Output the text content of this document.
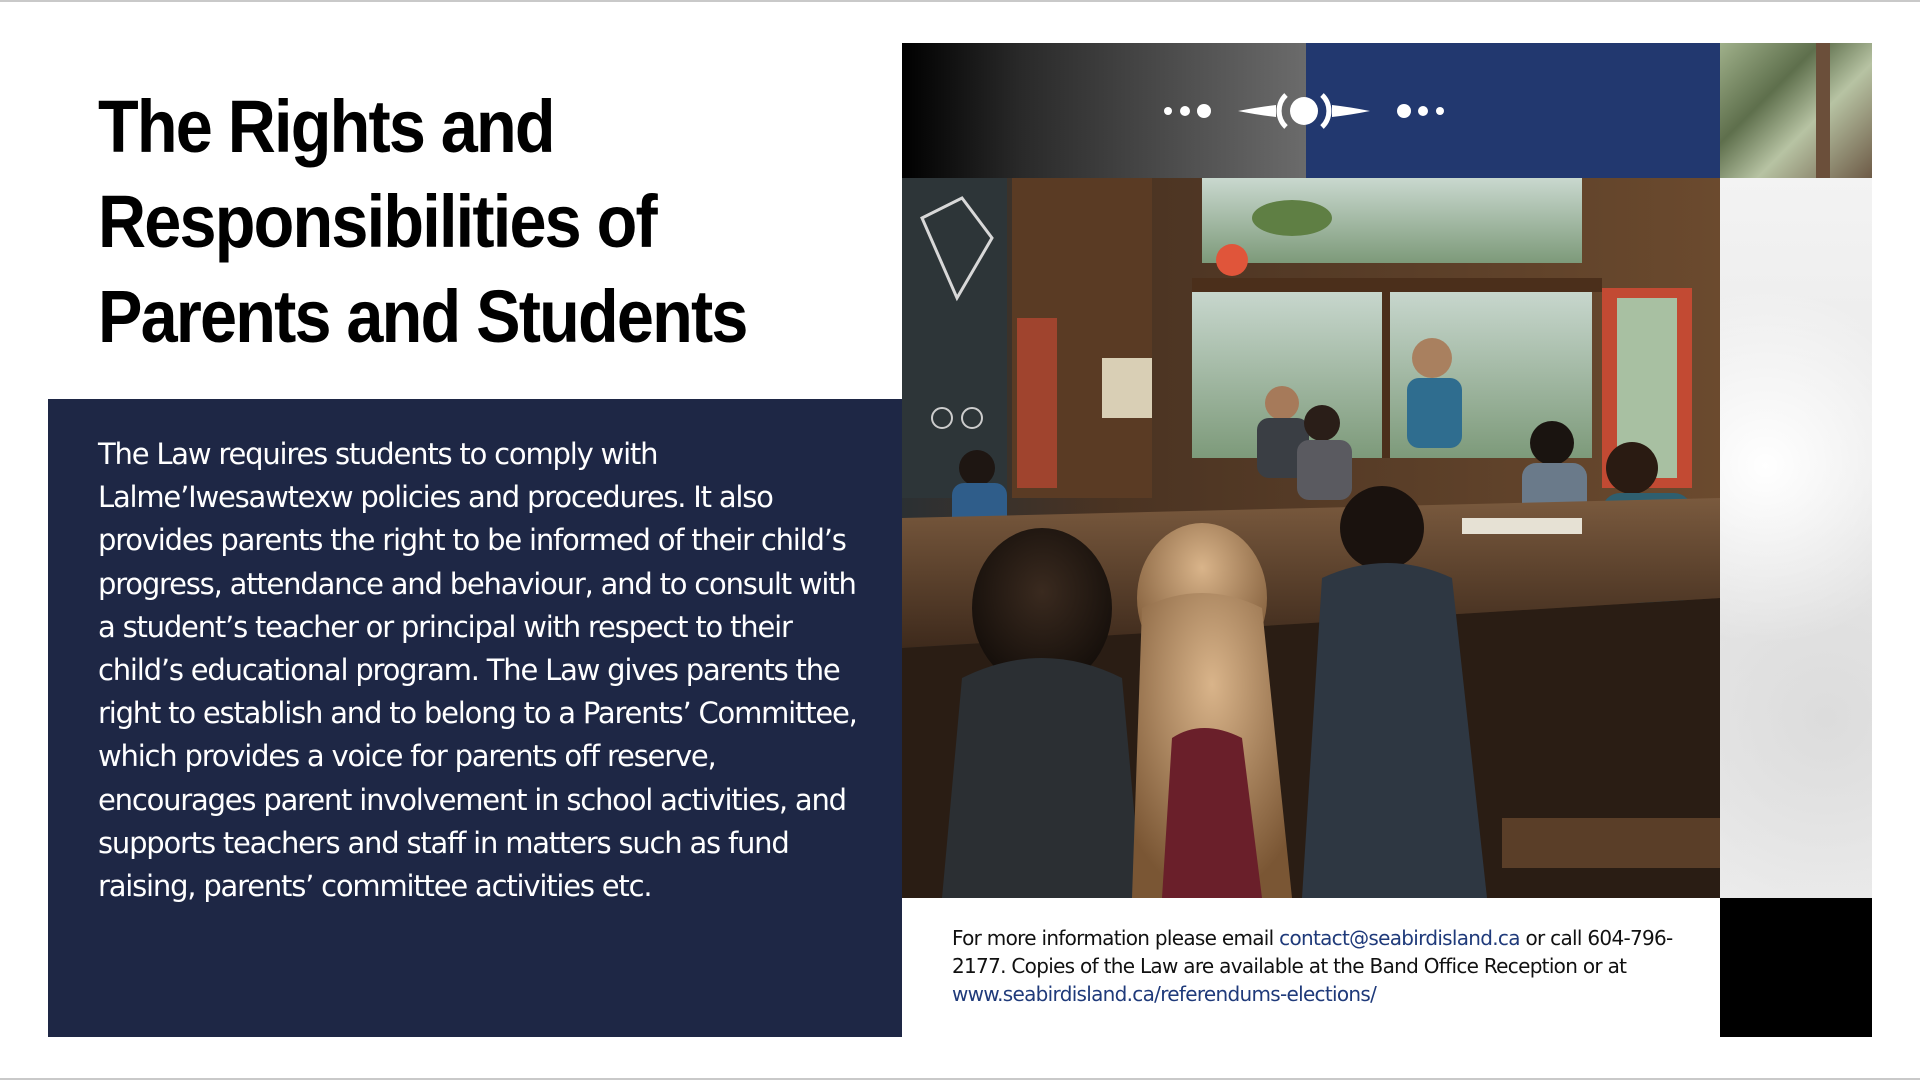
The Rights and
Responsibilities of
Parents and Students

The Law requires students to comply with Lalme’Iwesawtexw policies and procedures. It also provides parents the right to be informed of their child’s progress, attendance and behaviour, and to consult with a student’s teacher or principal with respect to their child’s educational program. The Law gives parents the right to establish and to belong to a Parents’ Committee, which provides a voice for parents off reserve, encourages parent involvement in school activities, and supports teachers and staff in matters such as fund raising, parents’ committee activities etc.

For more information please email contact@seabirdisland.ca or call 604-796-2177. Copies of the Law are available at the Band Office Reception or at www.seabirdisland.ca/referendums-elections/
